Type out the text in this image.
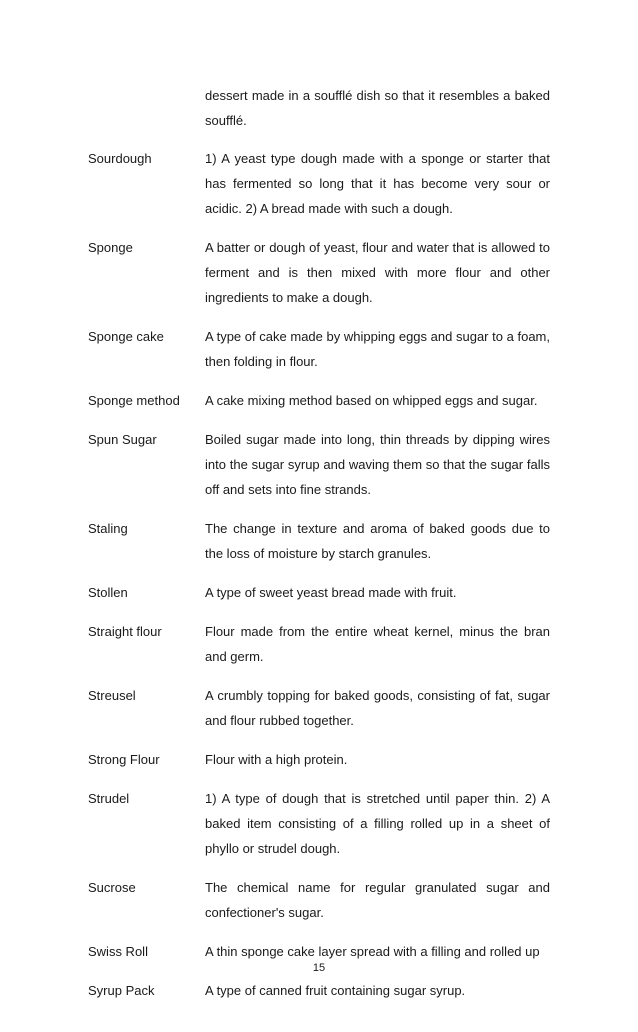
dessert made in a soufflé dish so that it resembles a baked soufflé.
Sourdough	1) A yeast type dough made with a sponge or starter that has fermented so long that it has become very sour or acidic. 2) A bread made with such a dough.
Sponge	A batter or dough of yeast, flour and water that is allowed to ferment and is then mixed with more flour and other ingredients to make a dough.
Sponge cake	A type of cake made by whipping eggs and sugar to a foam, then folding in flour.
Sponge method	A cake mixing method based on whipped eggs and sugar.
Spun Sugar	Boiled sugar made into long, thin threads by dipping wires into the sugar syrup and waving them so that the sugar falls off and sets into fine strands.
Staling	The change in texture and aroma of baked goods due to the loss of moisture by starch granules.
Stollen	A type of sweet yeast bread made with fruit.
Straight flour	Flour made from the entire wheat kernel, minus the bran and germ.
Streusel	A crumbly topping for baked goods, consisting of fat, sugar and flour rubbed together.
Strong Flour	Flour with a high protein.
Strudel	1) A type of dough that is stretched until paper thin. 2) A baked item consisting of a filling rolled up in a sheet of phyllo or strudel dough.
Sucrose	The chemical name for regular granulated sugar and confectioner's sugar.
Swiss Roll	A thin sponge cake layer spread with a filling and rolled up
Syrup Pack	A type of canned fruit containing sugar syrup.
15
